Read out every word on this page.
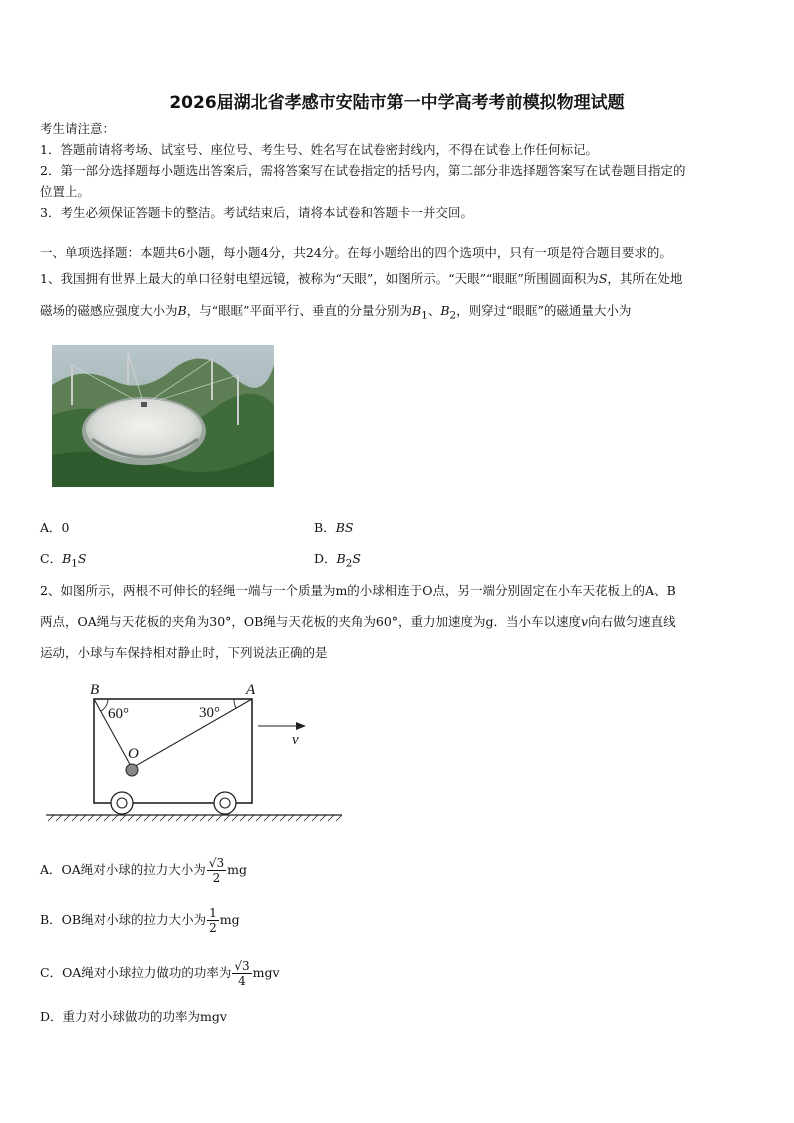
2026届湖北省孝感市安陆市第一中学高考考前模拟物理试题
考生请注意：
1．答题前请将考场、试室号、座位号、考生号、姓名写在试卷密封线内，不得在试卷上作任何标记。
2．第一部分选择题每小题选出答案后，需将答案写在试卷指定的括号内，第二部分非选择题答案写在试卷题目指定的
位置上。
3．考生必须保证答题卡的整洁。考试结束后，请将本试卷和答题卡一并交回。
一、单项选择题：本题共6小题，每小题4分，共24分。在每小题给出的四个选项中，只有一项是符合题目要求的。
1、我国拥有世界上最大的单口径射电望远镜，被称为“天眼”，如图所示。“天眼”“眼眶”所围圆面积为S，其所在处地
磁场的磁感应强度大小为B，与“眼眶”平面平行、垂直的分量分别为$B_1$、$B_2$，则穿过“眼眶”的磁通量大小为
A．0	B．BS
C．$B_1S$	D．$B_2S$
2、如图所示，两根不可伸长的轻绳一端与一个质量为m的小球相连于O点，另一端分别固定在小车天花板上的A、B
两点，OA绳与天花板的夹角为30°，OB绳与天花板的夹角为60°，重力加速度为g．当小车以速度v向右做匀速直线
运动，小球与车保持相对静止时，下列说法正确的是
B	A
60°	30°
O
v
A．OA绳对小球的拉力大小为 $\frac{√3}{2}$ mg
B．OB绳对小球的拉力大小为 $\frac{1}{2}$ mg
C．OA绳对小球拉力做功的功率为 $\frac{√3}{4}$ mgv
D．重力对小球做功的功率为mgv
